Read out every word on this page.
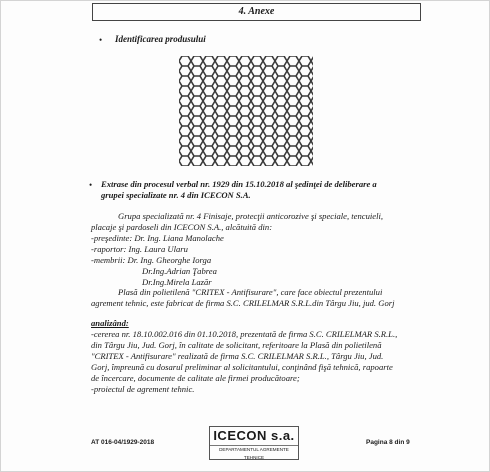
4. Anexe
• Identificarea produsului
• Extrase din procesul verbal nr. 1929 din 15.10.2018 al şedinţei de deliberare a
grupei specializate nr. 4 din ICECON S.A.
Grupa specializată nr. 4 Finisaje, protecţii anticorozive şi speciale, tencuieli,
placaje şi pardoseli din ICECON S.A., alcătuită din:
-preşedinte: Dr. Ing. Liana Manolache
-raportor: Ing. Laura Ularu
-membrii: Dr. Ing. Gheorghe Iorga
Dr.Ing.Adrian Ţabrea
Dr.Ing.Mirela Lazăr
Plasă din polietilenă "CRITEX - Antifisurare", care face obiectul prezentului
agrement tehnic, este fabricat de firma S.C. CRILELMAR S.R.L.din Târgu Jiu, jud. Gorj
analizând:
-cererea nr. 18.10.002.016 din 01.10.2018, prezentată de firma S.C. CRILELMAR S.R.L.,
din Târgu Jiu, Jud. Gorj, în calitate de solicitant, referitoare la Plasă din polietilenă
"CRITEX - Antifisurare" realizată de firma S.C. CRILELMAR S.R.L., Târgu Jiu, Jud.
Gorj, împreună cu dosarul preliminar al solicitantului, conţinând fişă tehnică, rapoarte
de încercare, documente de calitate ale firmei producătoare;
-proiectul de agrement tehnic.
AT 016-04/1929-2018	ICECON s.a.
DEPARTAMENTUL AGREMENTE TEHNICE
Pagina 8 din 9
